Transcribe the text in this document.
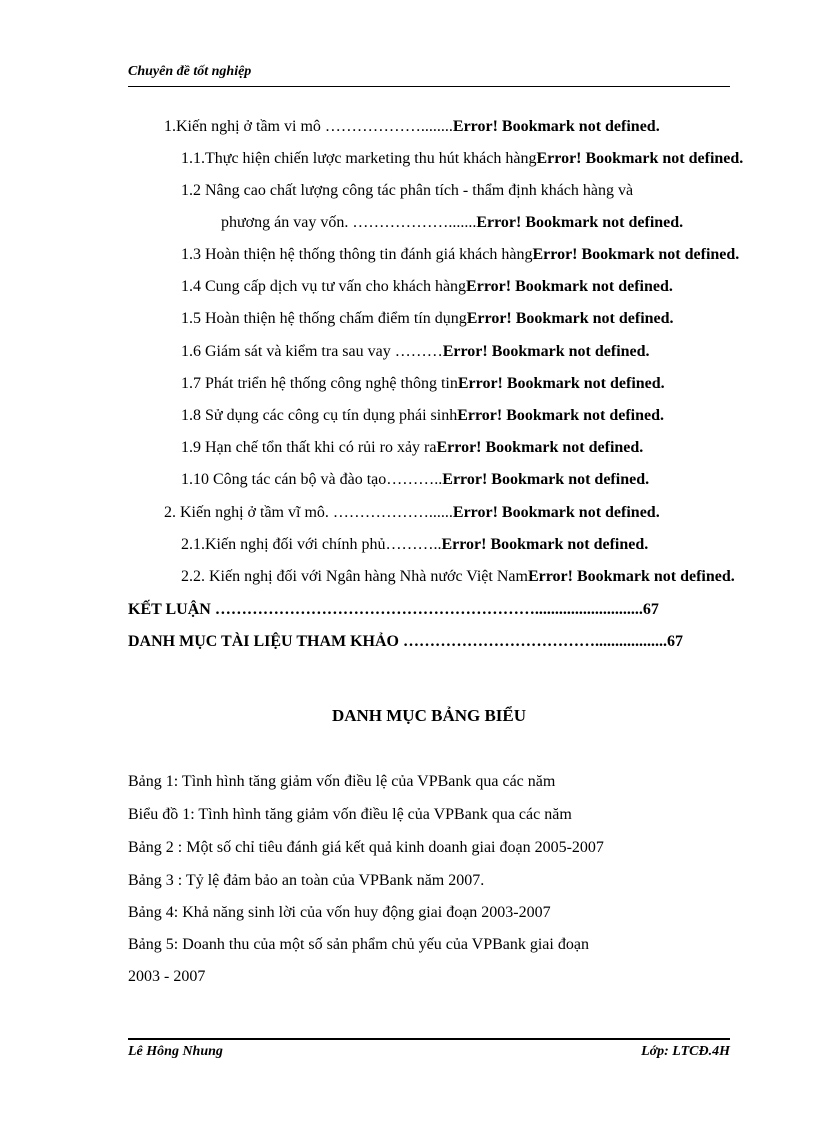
Chuyên đề tốt nghiệp
1.Kiến nghị ở tầm vi mô ………………........Error! Bookmark not defined.
1.1.Thực hiện chiến lược marketing thu hút khách hàngError! Bookmark not defined.
1.2 Nâng cao chất lượng công tác phân tích - thẩm định khách hàng và
phương án vay vốn. ……………….......Error! Bookmark not defined.
1.3 Hoàn thiện hệ thống thông tin đánh giá khách hàngError! Bookmark not defined.
1.4 Cung cấp dịch vụ tư vấn cho khách hàngError! Bookmark not defined.
1.5 Hoàn thiện hệ thống chấm điểm tín dụngError! Bookmark not defined.
1.6 Giám sát và kiểm tra sau vay ………Error! Bookmark not defined.
1.7 Phát triển hệ thống công nghệ thông tinError! Bookmark not defined.
1.8 Sử dụng các công cụ tín dụng phái sinhError! Bookmark not defined.
1.9 Hạn chế tổn thất khi có rủi ro xảy raError! Bookmark not defined.
1.10 Công tác cán bộ và đào tạo………..Error! Bookmark not defined.
2. Kiến nghị ở tầm vĩ mô. ………………......Error! Bookmark not defined.
2.1.Kiến nghị đối với chính phủ………..Error! Bookmark not defined.
2.2. Kiến nghị đối với Ngân hàng Nhà nước Việt NamError! Bookmark not defined.
KẾT LUẬN ……………………………………………………...........................67
DANH MỤC TÀI LIỆU THAM KHẢO ………………………………..................67
DANH MỤC BẢNG BIỂU
Bảng 1: Tình hình tăng giảm vốn điều lệ của VPBank qua các năm
Biểu đồ 1: Tình hình tăng giảm vốn điều lệ của VPBank qua các năm
Bảng 2 : Một số chỉ tiêu đánh giá kết quả kinh doanh giai đoạn 2005-2007
Bảng 3 : Tỷ lệ đảm bảo an toàn của VPBank năm 2007.
Bảng 4: Khả năng sinh lời của vốn huy động giai đoạn 2003-2007
Bảng 5: Doanh thu của một số sản phẩm chủ yếu của VPBank giai đoạn
2003 - 2007
Lê Hông Nhung	Lớp: LTCĐ.4H
